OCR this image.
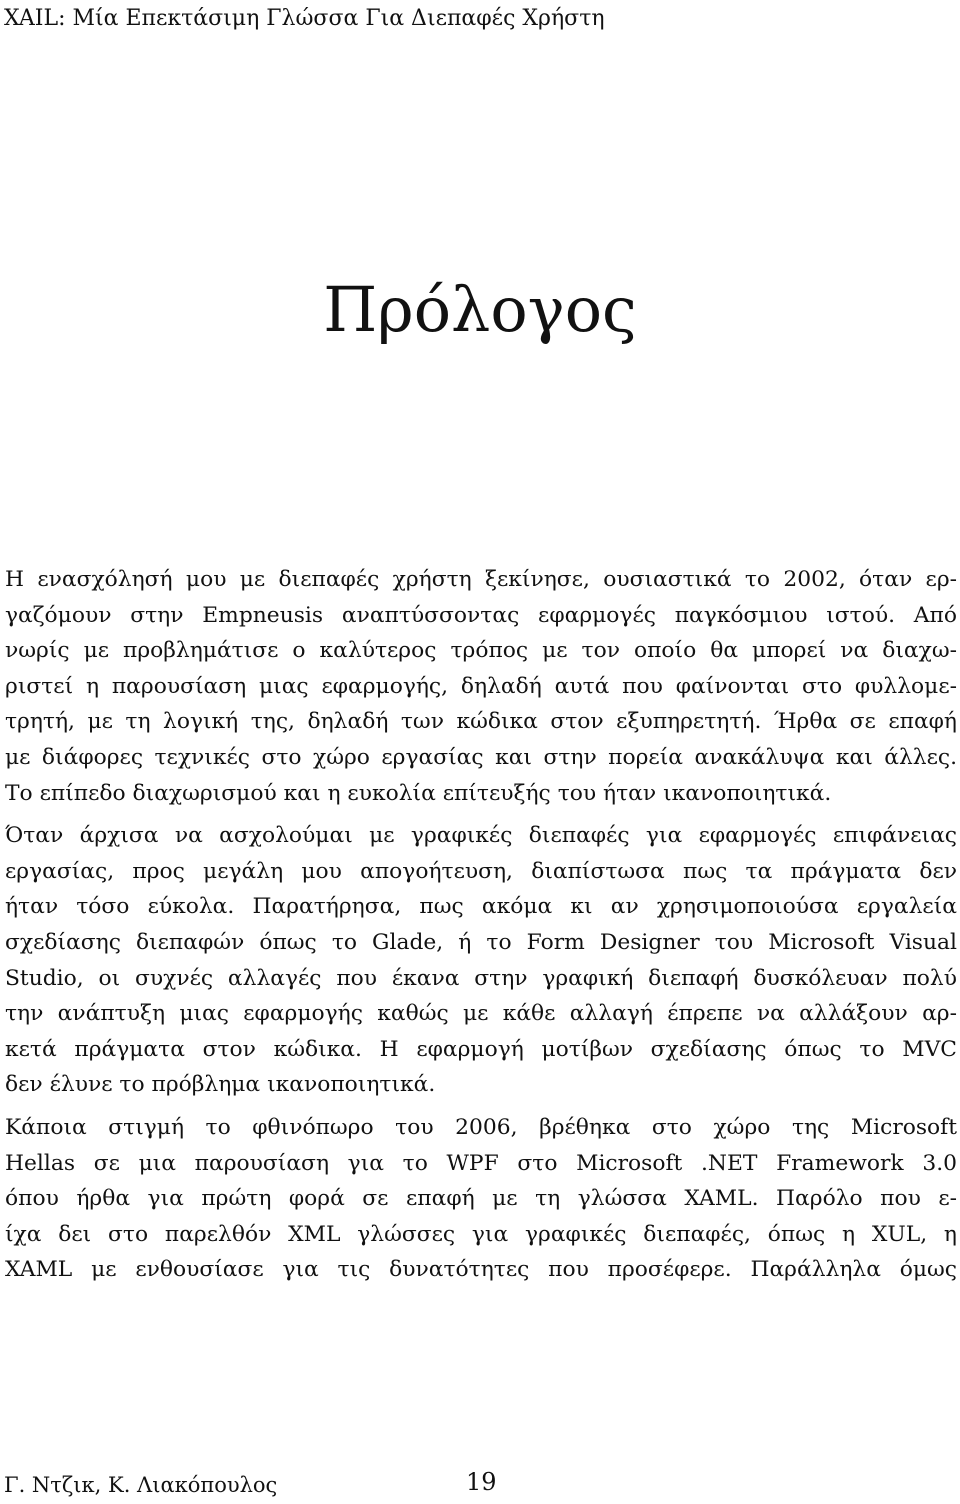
XAIL: Μία Επεκτάσιμη Γλώσσα Για Διεπαφές Χρήστη
Πρόλογος

Η ενασχόλησή μου με διεπαφές χρήστη ξεκίνησε, ουσιαστικά το 2002, όταν ερ-
γαζόμουν στην Empneusis αναπτύσσοντας εφαρμογές παγκόσμιου ιστού. Από
νωρίς με προβλημάτισε ο καλύτερος τρόπος με τον οποίο θα μπορεί να διαχω-
ριστεί η παρουσίαση μιας εφαρμογής, δηλαδή αυτά που φαίνονται στο φυλλομε-
τρητή, με τη λογική της, δηλαδή των κώδικα στον εξυπηρετητή. Ήρθα σε επαφή
με διάφορες τεχνικές στο χώρο εργασίας και στην πορεία ανακάλυψα και άλλες.
Το επίπεδο διαχωρισμού και η ευκολία επίτευξής του ήταν ικανοποιητικά.

Όταν άρχισα να ασχολούμαι με γραφικές διεπαφές για εφαρμογές επιφάνειας
εργασίας, προς μεγάλη μου απογοήτευση, διαπίστωσα πως τα πράγματα δεν
ήταν τόσο εύκολα. Παρατήρησα, πως ακόμα κι αν χρησιμοποιούσα εργαλεία
σχεδίασης διεπαφών όπως το Glade, ή το Form Designer του Microsoft Visual
Studio, οι συχνές αλλαγές που έκανα στην γραφική διεπαφή δυσκόλευαν πολύ
την ανάπτυξη μιας εφαρμογής καθώς με κάθε αλλαγή έπρεπε να αλλάξουν αρ-
κετά πράγματα στον κώδικα. Η εφαρμογή μοτίβων σχεδίασης όπως το MVC
δεν έλυνε το πρόβλημα ικανοποιητικά.

Κάποια στιγμή το φθινόπωρο του 2006, βρέθηκα στο χώρο της Microsoft
Hellas σε μια παρουσίαση για το WPF στο Microsoft .NET Framework 3.0
όπου ήρθα για πρώτη φορά σε επαφή με τη γλώσσα XAML. Παρόλο που ε-
ίχα δει στο παρελθόν XML γλώσσες για γραφικές διεπαφές, όπως η XUL, η
XAML με ενθουσίασε για τις δυνατότητες που προσέφερε. Παράλληλα όμως

Γ. Ντζικ, Κ. Λιακόπουλος	19
